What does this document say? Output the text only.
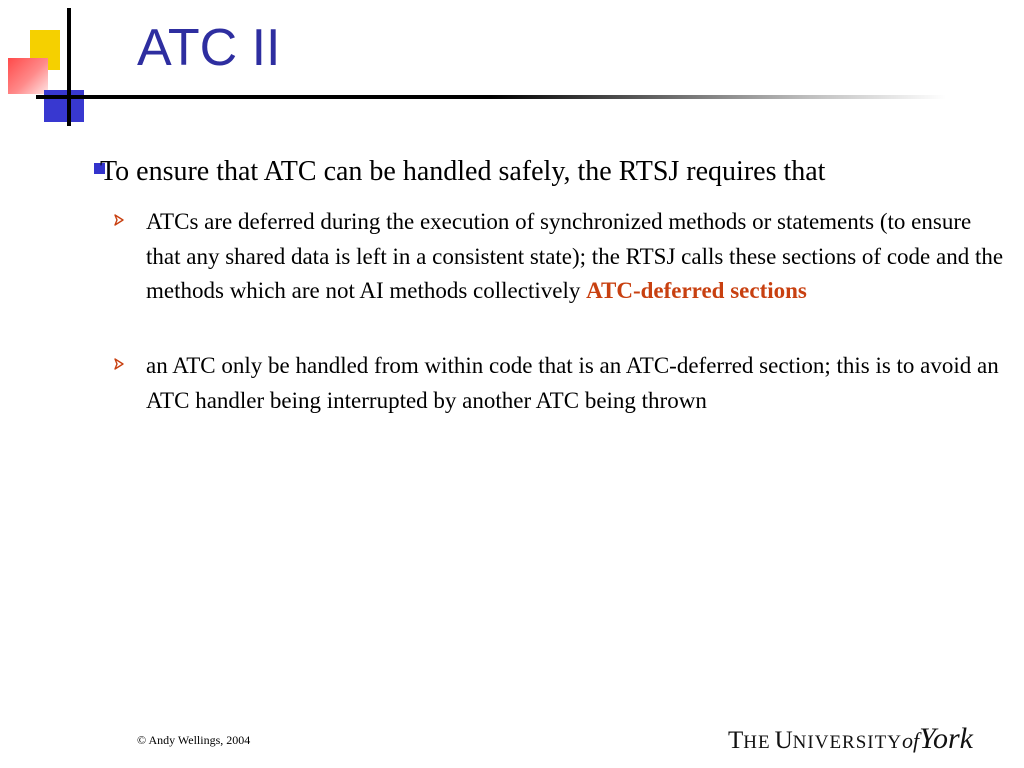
ATC II
To ensure that ATC can be handled safely, the RTSJ requires that
ATCs are deferred during the execution of synchronized methods or statements (to ensure that any shared data is left in a consistent state); the RTSJ calls these sections of code and the methods which are not AI methods collectively ATC-deferred sections
an ATC only be handled from within code that is an ATC-deferred section; this is to avoid an ATC handler being interrupted by another ATC being thrown
© Andy Wellings, 2004	THE UNIVERSITYofYork
